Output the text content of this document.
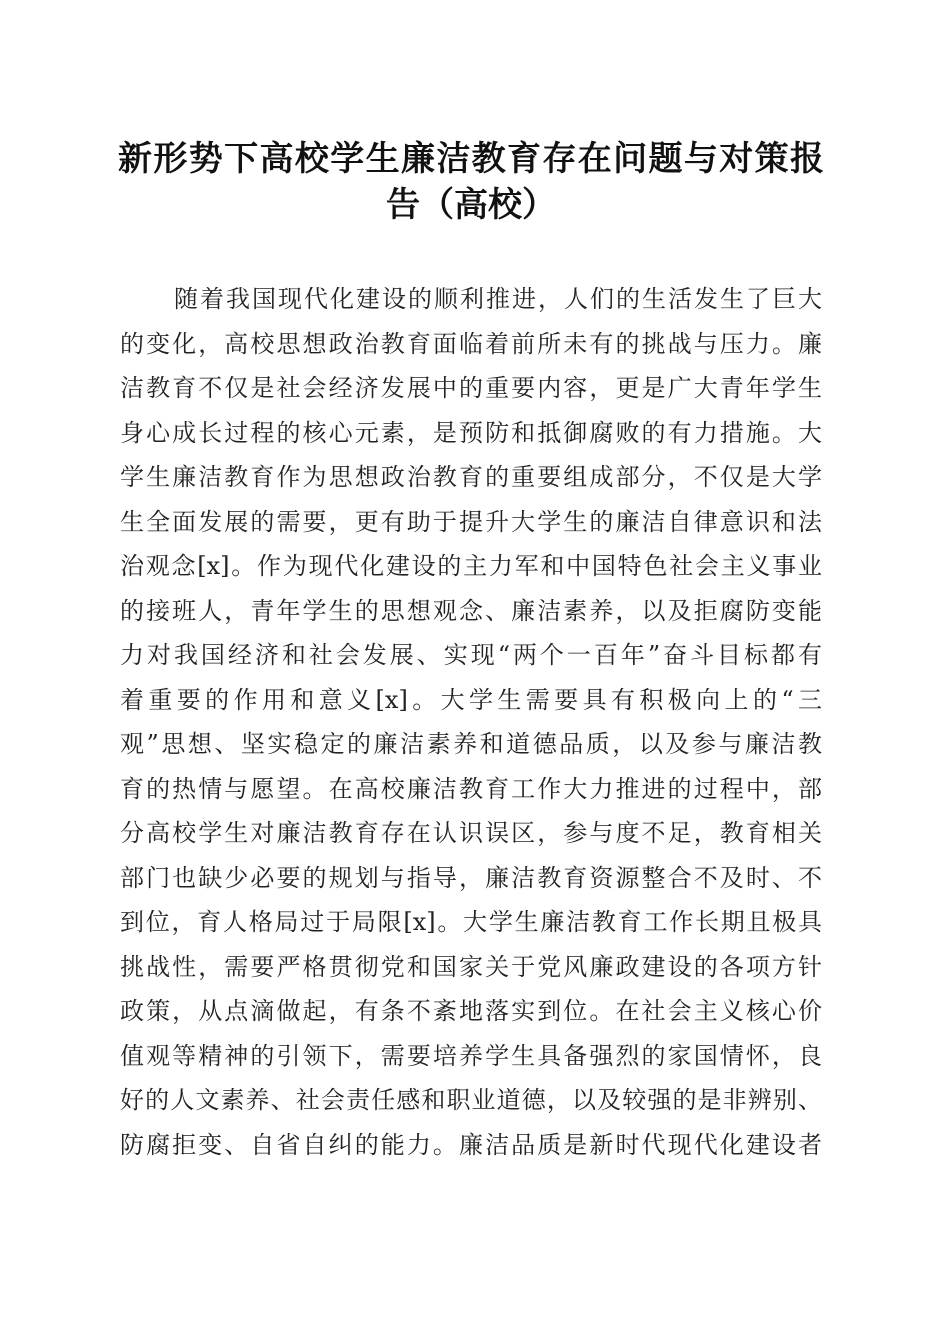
新形势下高校学生廉洁教育存在问题与对策报
告（高校）
随着我国现代化建设的顺利推进，人们的生活发生了巨大
的变化，高校思想政治教育面临着前所未有的挑战与压力。廉
洁教育不仅是社会经济发展中的重要内容，更是广大青年学生
身心成长过程的核心元素，是预防和抵御腐败的有力措施。大
学生廉洁教育作为思想政治教育的重要组成部分，不仅是大学
生全面发展的需要，更有助于提升大学生的廉洁自律意识和法
治观念[x]。作为现代化建设的主力军和中国特色社会主义事业
的接班人，青年学生的思想观念、廉洁素养，以及拒腐防变能
力对我国经济和社会发展、实现“两个一百年”奋斗目标都有
着重要的作用和意义[x]。大学生需要具有积极向上的“三
观”思想、坚实稳定的廉洁素养和道德品质，以及参与廉洁教
育的热情与愿望。在高校廉洁教育工作大力推进的过程中，部
分高校学生对廉洁教育存在认识误区，参与度不足，教育相关
部门也缺少必要的规划与指导，廉洁教育资源整合不及时、不
到位，育人格局过于局限[x]。大学生廉洁教育工作长期且极具
挑战性，需要严格贯彻党和国家关于党风廉政建设的各项方针
政策，从点滴做起，有条不紊地落实到位。在社会主义核心价
值观等精神的引领下，需要培养学生具备强烈的家国情怀，良
好的人文素养、社会责任感和职业道德，以及较强的是非辨别、
防腐拒变、自省自纠的能力。廉洁品质是新时代现代化建设者
